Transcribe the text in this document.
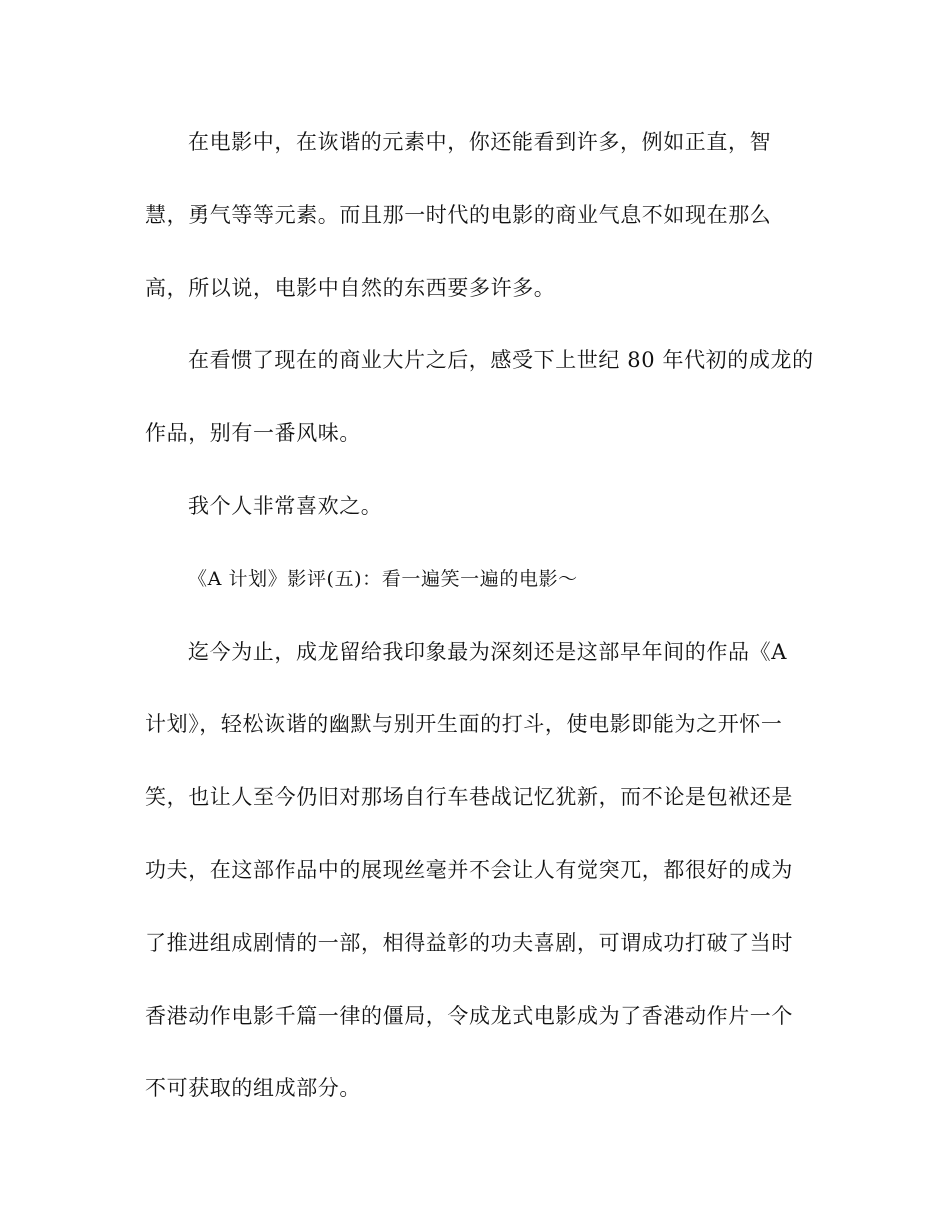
在电影中，在诙谐的元素中，你还能看到许多，例如正直，智
慧，勇气等等元素。而且那一时代的电影的商业气息不如现在那么
高，所以说，电影中自然的东西要多许多。
在看惯了现在的商业大片之后，感受下上世纪 80 年代初的成龙的
作品，别有一番风味。
我个人非常喜欢之。
《A 计划》影评(五)：看一遍笑一遍的电影～
迄今为止，成龙留给我印象最为深刻还是这部早年间的作品《A
计划》，轻松诙谐的幽默与别开生面的打斗，使电影即能为之开怀一
笑，也让人至今仍旧对那场自行车巷战记忆犹新，而不论是包袱还是
功夫，在这部作品中的展现丝毫并不会让人有觉突兀，都很好的成为
了推进组成剧情的一部，相得益彰的功夫喜剧，可谓成功打破了当时
香港动作电影千篇一律的僵局，令成龙式电影成为了香港动作片一个
不可获取的组成部分。
